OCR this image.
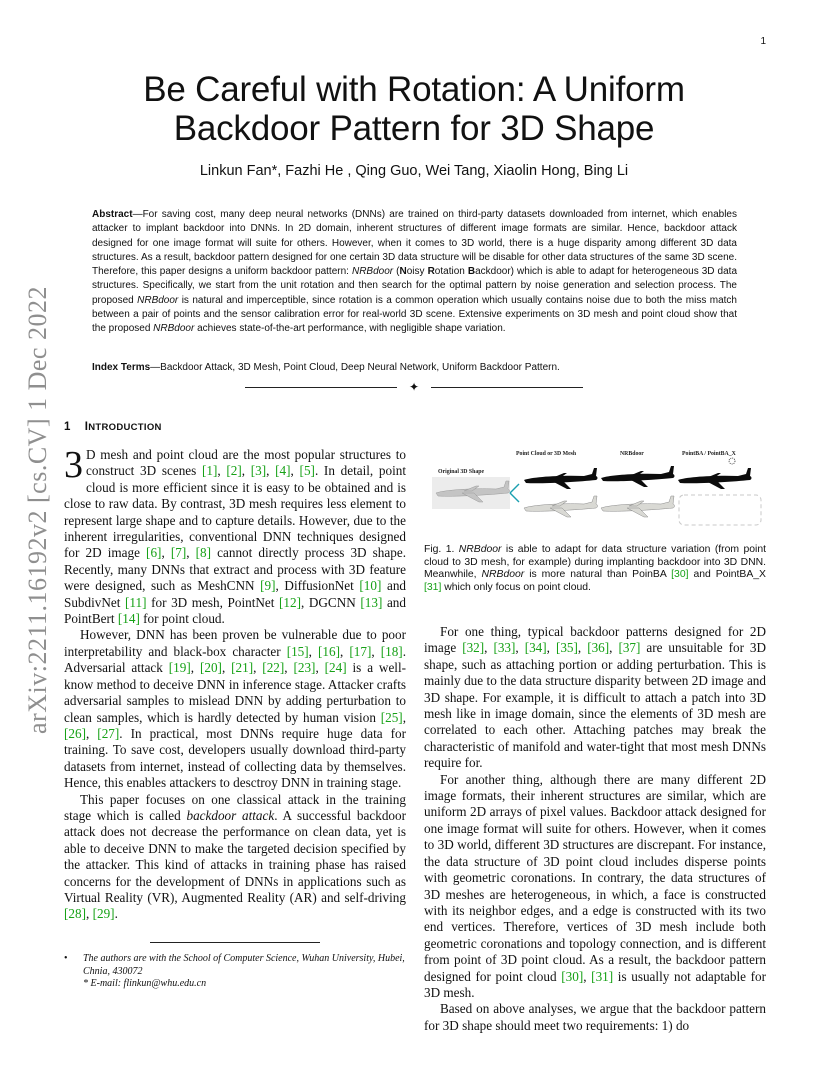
1
arXiv:2211.16192v2 [cs.CV] 1 Dec 2022
Be Careful with Rotation: A Uniform Backdoor Pattern for 3D Shape
Linkun Fan*, Fazhi He , Qing Guo, Wei Tang, Xiaolin Hong, Bing Li
Abstract—For saving cost, many deep neural networks (DNNs) are trained on third-party datasets downloaded from internet, which enables attacker to implant backdoor into DNNs. In 2D domain, inherent structures of different image formats are similar. Hence, backdoor attack designed for one image format will suite for others. However, when it comes to 3D world, there is a huge disparity among different 3D data structures. As a result, backdoor pattern designed for one certain 3D data structure will be disable for other data structures of the same 3D scene. Therefore, this paper designs a uniform backdoor pattern: NRBdoor (Noisy Rotation Backdoor) which is able to adapt for heterogeneous 3D data structures. Specifically, we start from the unit rotation and then search for the optimal pattern by noise generation and selection process. The proposed NRBdoor is natural and imperceptible, since rotation is a common operation which usually contains noise due to both the miss match between a pair of points and the sensor calibration error for real-world 3D scene. Extensive experiments on 3D mesh and point cloud show that the proposed NRBdoor achieves state-of-the-art performance, with negligible shape variation.
Index Terms—Backdoor Attack, 3D Mesh, Point Cloud, Deep Neural Network, Uniform Backdoor Pattern.
✦
1 INTRODUCTION

3 D mesh and point cloud are the most popular structures to construct 3D scenes [1], [2], [3], [4], [5]. In detail, point cloud is more efficient since it is easy to be obtained and is close to raw data. By contrast, 3D mesh requires less element to represent large shape and to capture details. However, due to the inherent irregularities, conventional DNN techniques designed for 2D image [6], [7], [8] cannot directly process 3D shape. Recently, many DNNs that extract and process with 3D feature were designed, such as MeshCNN [9], DiffusionNet [10] and SubdivNet [11] for 3D mesh, PointNet [12], DGCNN [13] and PointBert [14] for point cloud.

However, DNN has been proven be vulnerable due to poor interpretability and black-box character [15], [16], [17], [18]. Adversarial attack [19], [20], [21], [22], [23], [24] is a well-know method to deceive DNN in inference stage. Attacker crafts adversarial samples to mislead DNN by adding perturbation to clean samples, which is hardly detected by human vision [25], [26], [27]. In practical, most DNNs require huge data for training. To save cost, developers usually download third-party datasets from internet, instead of collecting data by themselves. Hence, this enables attackers to desctroy DNN in training stage.

This paper focuses on one classical attack in the training stage which is called backdoor attack. A successful backdoor attack does not decrease the performance on clean data, yet is able to deceive DNN to make the targeted decision specified by the attacker. This kind of attacks in training phase has raised concerns for the development of DNNs in applications such as Virtual Reality (VR), Augmented Reality (AR) and self-driving [28], [29].

• The authors are with the School of Computer Science, Wuhan University, Hubei, Chnia, 430072
* E-mail: flinkun@whu.edu.cn
Original 3D Shape
Point Cloud or 3D Mesh	NRBdoor	PointBA / PointBA_X
Fig. 1. NRBdoor is able to adapt for data structure variation (from point cloud to 3D mesh, for example) during implanting backdoor into 3D DNN. Meanwhile, NRBdoor is more natural than PoinBA [30] and PointBA_X [31] which only focus on point cloud.

For one thing, typical backdoor patterns designed for 2D image [32], [33], [34], [35], [36], [37] are unsuitable for 3D shape, such as attaching portion or adding perturbation. This is mainly due to the data structure disparity between 2D image and 3D shape. For example, it is difficult to attach a patch into 3D mesh like in image domain, since the elements of 3D mesh are correlated to each other. Attaching patches may break the characteristic of manifold and water-tight that most mesh DNNs require for.

For another thing, although there are many different 2D image formats, their inherent structures are similar, which are uniform 2D arrays of pixel values. Backdoor attack designed for one image format will suite for others. However, when it comes to 3D world, different 3D structures are discrepant. For instance, the data structure of 3D point cloud includes disperse points with geometric coronations. In contrary, the data structures of 3D meshes are heterogeneous, in which, a face is constructed with its neighbor edges, and a edge is constructed with its two end vertices. Therefore, vertices of 3D mesh include both geometric coronations and topology connection, and is different from point of 3D point cloud. As a result, the backdoor pattern designed for point cloud [30], [31] is usually not adaptable for 3D mesh.

Based on above analyses, we argue that the backdoor pattern for 3D shape should meet two requirements: 1) do
